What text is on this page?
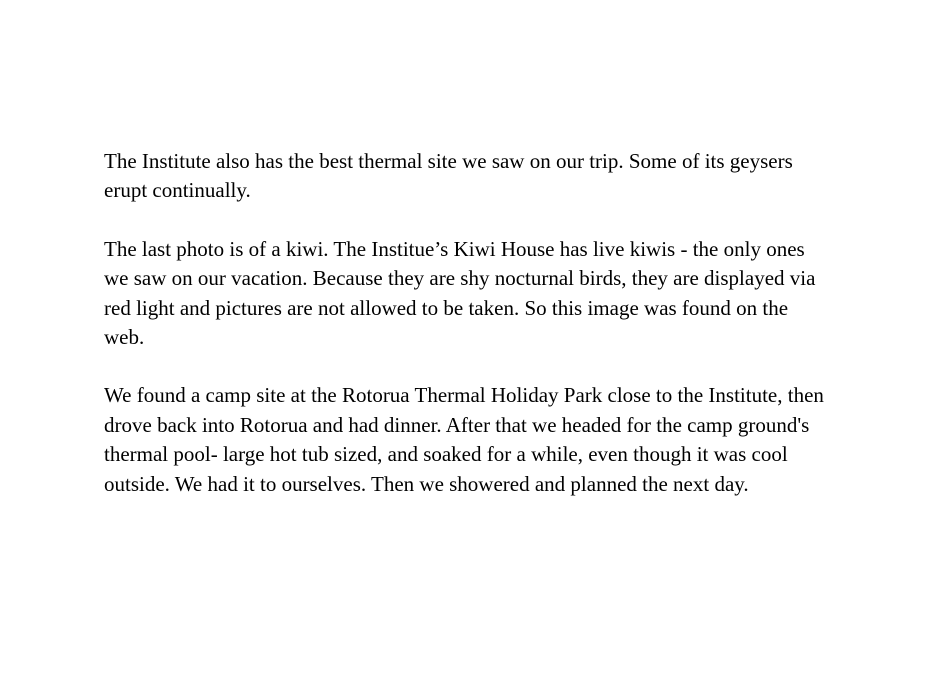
The Institute also has the best thermal site we saw on our trip. Some of its geysers erupt continually.

The last photo is of a kiwi. The Institue’s Kiwi House has live kiwis - the only ones we saw on our vacation. Because they are shy nocturnal birds, they are displayed via red light and pictures are not allowed to be taken. So this image was found on the web.

We found a camp site at the Rotorua Thermal Holiday Park close to the Institute, then drove back into Rotorua and had dinner. After that we headed for the camp ground's thermal pool- large hot tub sized, and soaked for a while, even though it was cool outside. We had it to ourselves. Then we showered and planned the next day.
